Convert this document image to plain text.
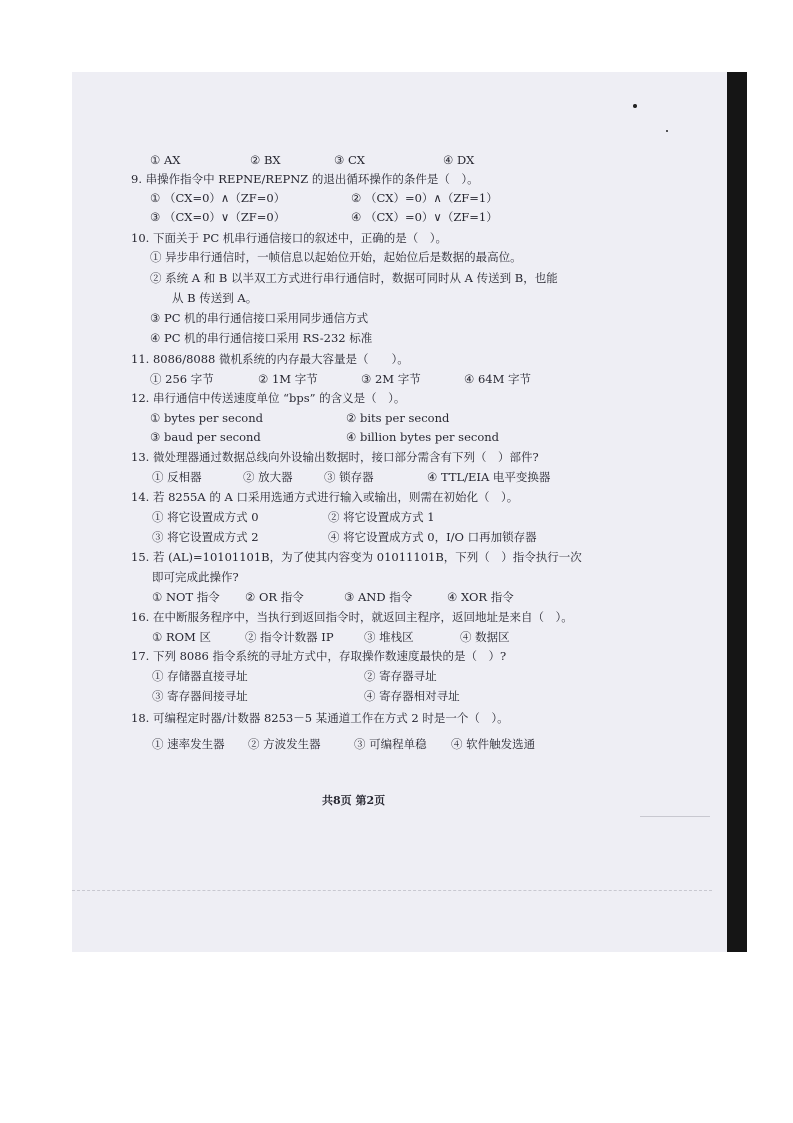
① AX	② BX	③ CX	④ DX
9. 串操作指令中 REPNE/REPNZ 的退出循环操作的条件是（　）。
① （CX=0）∧（ZF=0）	② （CX）=0）∧（ZF=1）
③ （CX=0）∨（ZF=0）	④ （CX）=0）∨（ZF=1）
10. 下面关于 PC 机串行通信接口的叙述中，正确的是（　）。
① 异步串行通信时，一帧信息以起始位开始，起始位后是数据的最高位。
② 系统 A 和 B 以半双工方式进行串行通信时，数据可同时从 A 传送到 B，也能
从 B 传送到 A。
③ PC 机的串行通信接口采用同步通信方式
④ PC 机的串行通信接口采用 RS-232 标准
11. 8086/8088 微机系统的内存最大容量是（　　）。
① 256 字节	② 1M 字节	③ 2M 字节	④ 64M 字节
12. 串行通信中传送速度单位 “bps” 的含义是（　）。
① bytes per second	② bits per second
③ baud per second	④ billion bytes per second
13. 微处理器通过数据总线向外设输出数据时，接口部分需含有下列（　）部件?
① 反相器	② 放大器	③ 锁存器	④ TTL/EIA 电平变换器
14. 若 8255A 的 A 口采用选通方式进行输入或输出，则需在初始化（　）。
① 将它设置成方式 0	② 将它设置成方式 1
③ 将它设置成方式 2	④ 将它设置成方式 0，I/O 口再加锁存器
15. 若 (AL)=10101101B，为了使其内容变为 01011101B，下列（　）指令执行一次
即可完成此操作?
① NOT 指令 ② OR 指令	③ AND 指令	④ XOR 指令
16. 在中断服务程序中，当执行到返回指令时，就返回主程序，返回地址是来自（　）。
① ROM 区	② 指令计数器 IP	③ 堆栈区	④ 数据区
17. 下列 8086 指令系统的寻址方式中，存取操作数速度最快的是（　）?
① 存储器直接寻址	② 寄存器寻址
③ 寄存器间接寻址	④ 寄存器相对寻址
18. 可编程定时器/计数器 8253－5 某通道工作在方式 2 时是一个（　）。
① 速率发生器 ② 方波发生器	③ 可编程单稳 ④ 软件触发选通
共8页 第2页
